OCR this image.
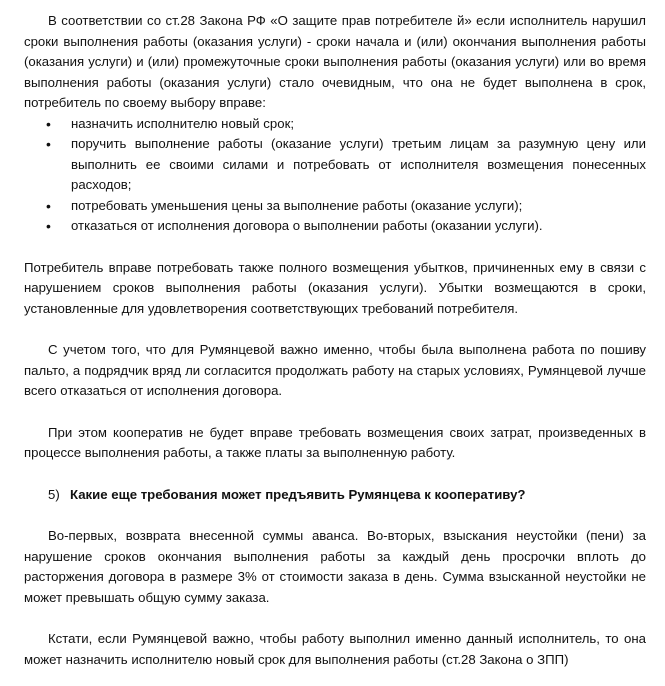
В соответствии со ст.28 Закона РФ «О защите прав потребителе й» если исполнитель нарушил сроки выполнения работы (оказания услуги) - сроки начала и (или) окончания выполнения работы (оказания услуги) и (или) промежуточные сроки выполнения работы (оказания услуги) или во время выполнения работы (оказания услуги) стало очевидным, что она не будет выполнена в срок, потребитель по своему выбору вправе:

• назначить исполнителю новый срок;
• поручить выполнение работы (оказание услуги) третьим лицам за разумную цену или выполнить ее своими силами и потребовать от исполнителя возмещения понесенных расходов;
• потребовать уменьшения цены за выполнение работы (оказание услуги);
• отказаться от исполнения договора о выполнении работы (оказании услуги).

Потребитель вправе потребовать также полного возмещения убытков, причиненных ему в связи с нарушением сроков выполнения работы (оказания услуги). Убытки возмещаются в сроки, установленные для удовлетворения соответствующих требований потребителя.

С учетом того, что для Румянцевой важно именно, чтобы была выполнена работа по пошиву пальто, а подрядчик вряд ли согласится продолжать работу на старых условиях, Румянцевой лучше всего отказаться от исполнения договора.

При этом кооператив не будет вправе требовать возмещения своих затрат, произведенных в процессе выполнения работы, а также платы за выполненную работу.

5) Какие еще требования может предъявить Румянцева к кооперативу?

Во-первых, возврата внесенной суммы аванса. Во-вторых, взыскания неустойки (пени) за нарушение сроков окончания выполнения работы за каждый день просрочки вплоть до расторжения договора в размере 3% от стоимости заказа в день. Сумма взысканной неустойки не может превышать общую сумму заказа.

Кстати, если Румянцевой важно, чтобы работу выполнил именно данный исполнитель, то она может назначить исполнителю новый срок для выполнения работы (ст.28 Закона о ЗПП)
